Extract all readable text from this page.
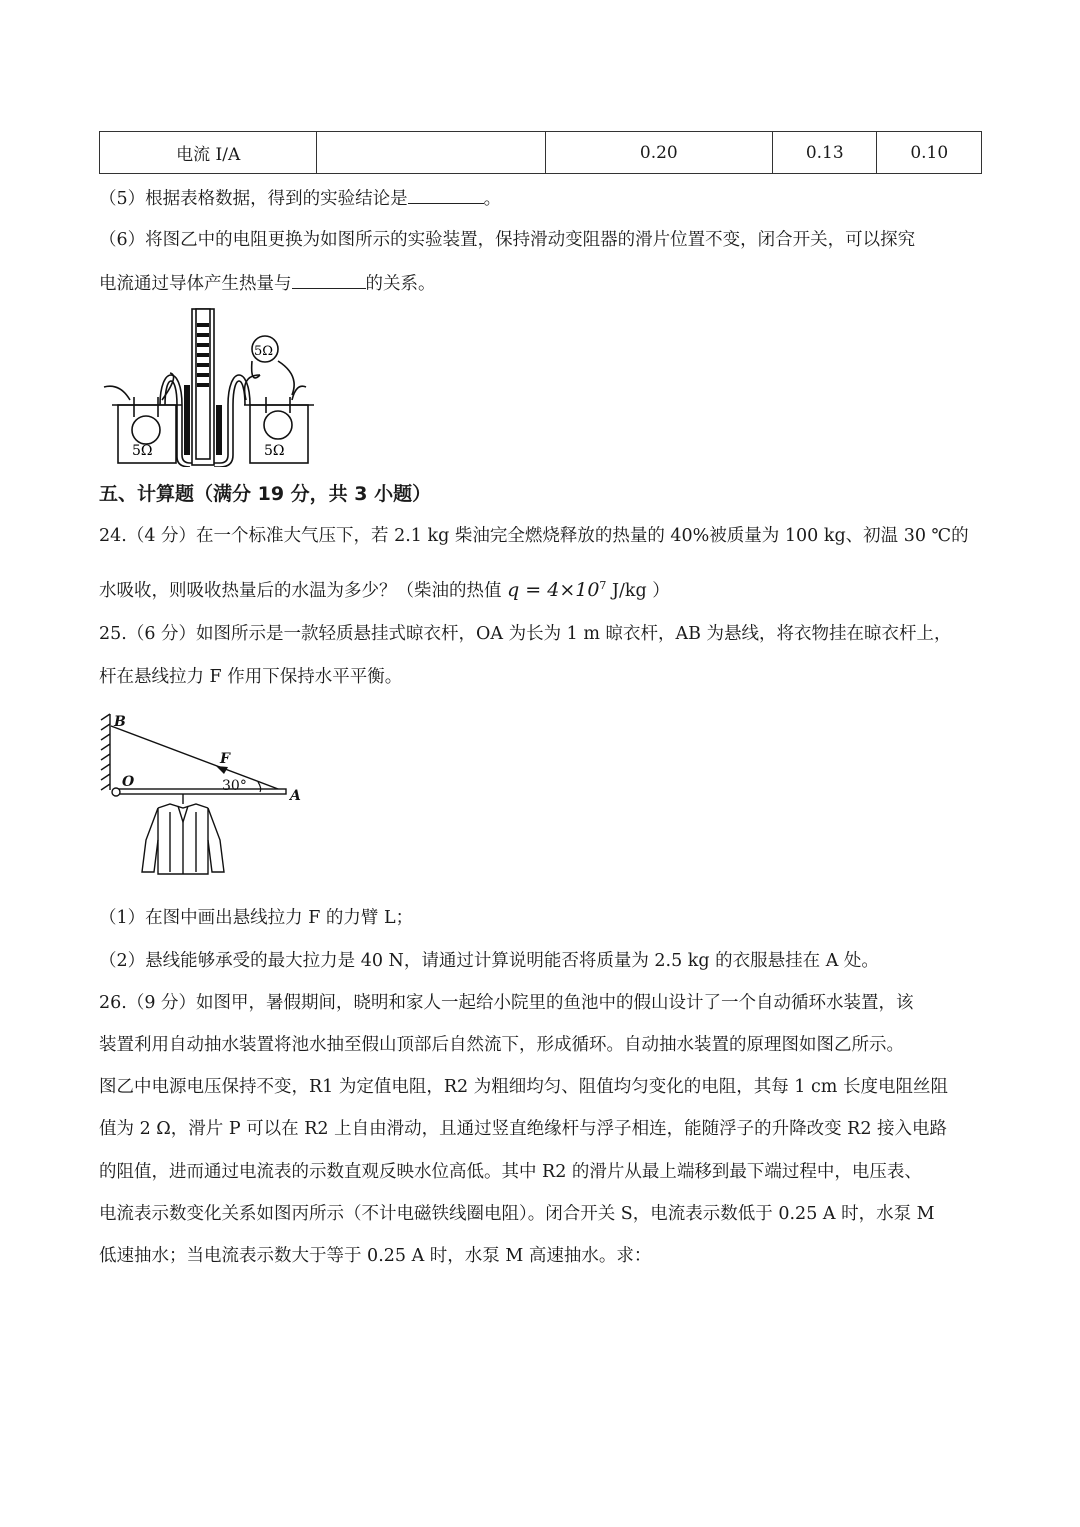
电流 I/A		0.20	0.13	0.10
（5）根据表格数据，得到的实验结论是	。
（6）将图乙中的电阻更换为如图所示的实验装置，保持滑动变阻器的滑片位置不变，闭合开关，可以探究
电流通过导体产生热量与	的关系。
5Ω	5Ω
5Ω
五、计算题（满分 19 分，共 3 小题）
24.（4 分）在一个标准大气压下，若 2.1 kg 柴油完全燃烧释放的热量的 40%被质量为 100 kg、初温 30 ℃的
水吸收，则吸收热量后的水温为多少？（柴油的热值 $q = 4\times 10^7$ J/kg ）
25.（6 分）如图所示是一款轻质悬挂式晾衣杆，OA 为长为 1 m 晾衣杆，AB 为悬线，将衣物挂在晾衣杆上，
杆在悬线拉力 F 作用下保持水平平衡。
B
O
A
F
30°
（1）在图中画出悬线拉力 F 的力臂 L；
（2）悬线能够承受的最大拉力是 40 N，请通过计算说明能否将质量为 2.5 kg 的衣服悬挂在 A 处。
26.（9 分）如图甲，暑假期间，晓明和家人一起给小院里的鱼池中的假山设计了一个自动循环水装置，该
装置利用自动抽水装置将池水抽至假山顶部后自然流下，形成循环。自动抽水装置的原理图如图乙所示。
图乙中电源电压保持不变，R1 为定值电阻，R2 为粗细均匀、阻值均匀变化的电阻，其每 1 cm 长度电阻丝阻
值为 2 Ω，滑片 P 可以在 R2 上自由滑动，且通过竖直绝缘杆与浮子相连，能随浮子的升降改变 R2 接入电路
的阻值，进而通过电流表的示数直观反映水位高低。其中 R2 的滑片从最上端移到最下端过程中，电压表、
电流表示数变化关系如图丙所示（不计电磁铁线圈电阻）。闭合开关 S，电流表示数低于 0.25 A 时，水泵 M
低速抽水；当电流表示数大于等于 0.25 A 时，水泵 M 高速抽水。求：
